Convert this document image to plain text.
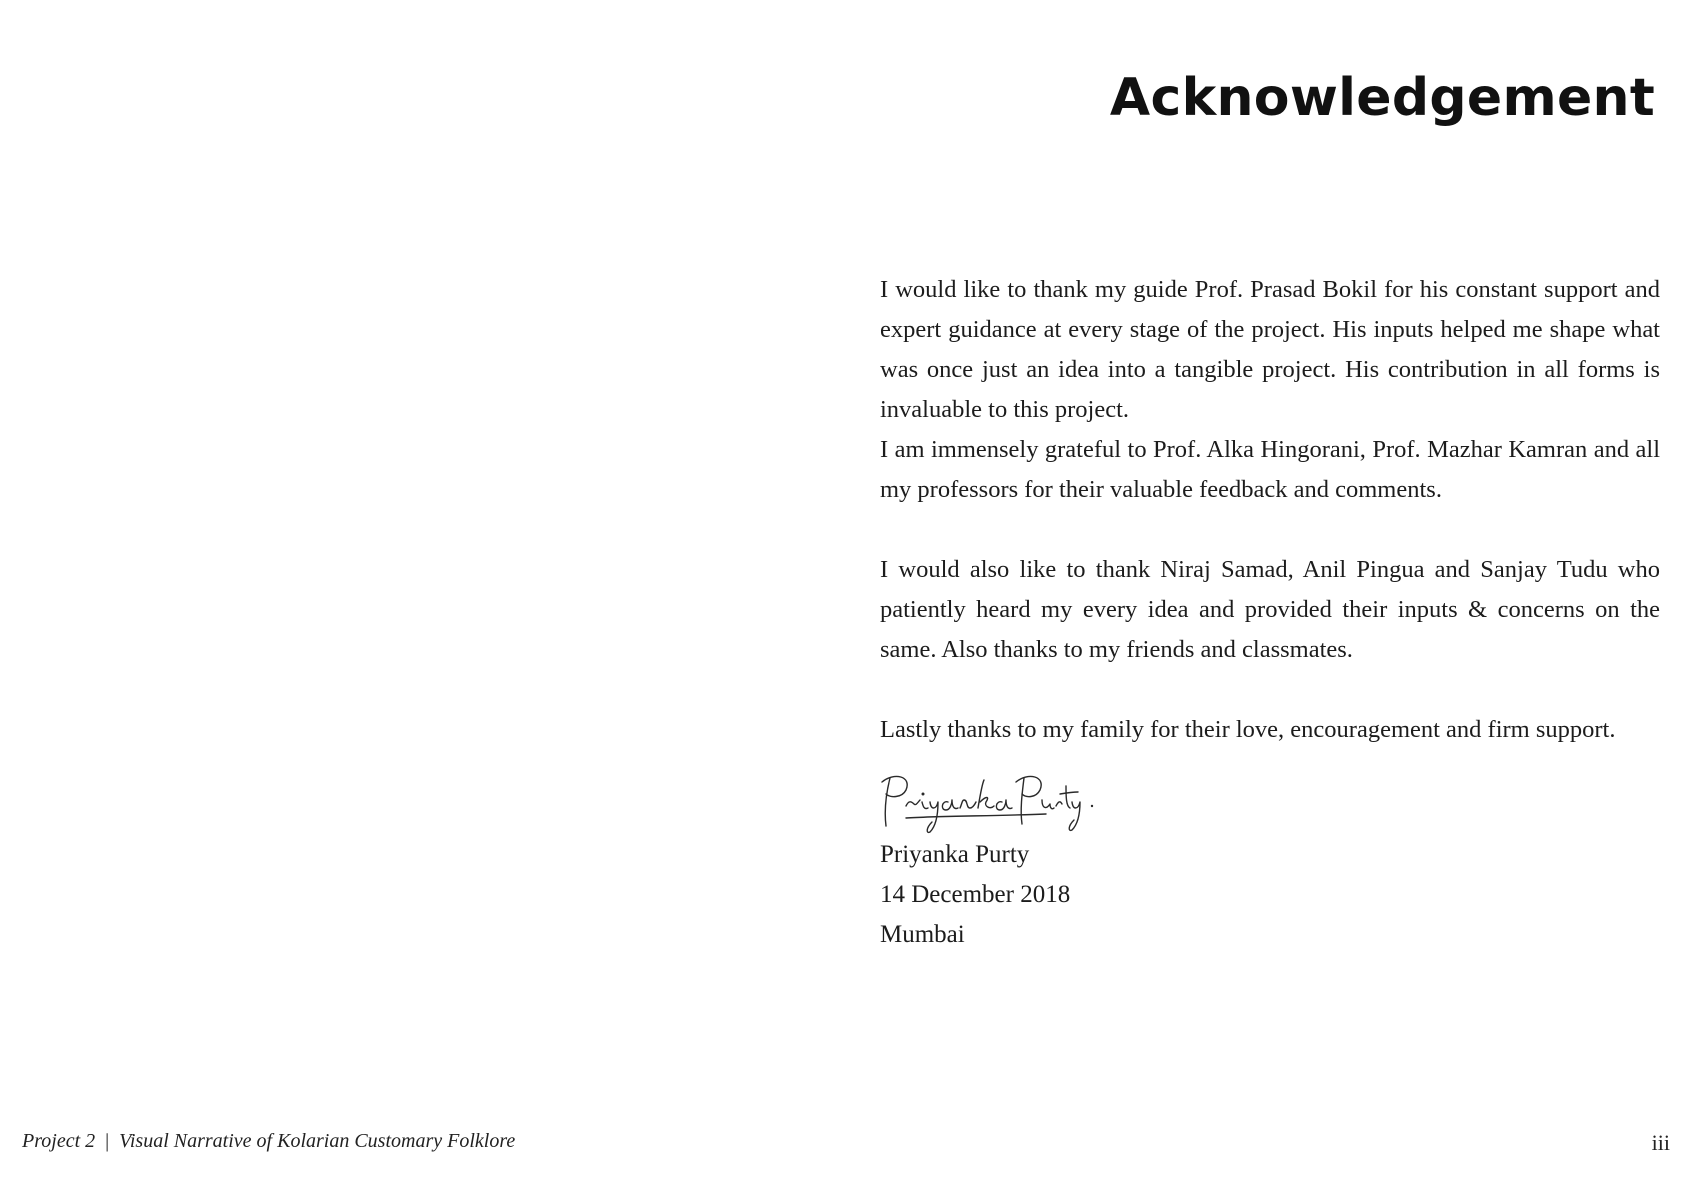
Acknowledgement

I would like to thank my guide Prof. Prasad Bokil for his constant support and expert guidance at every stage of the project. His inputs helped me shape what was once just an idea into a tangible project. His contribution in all forms is invaluable to this project.

I am immensely grateful to Prof. Alka Hingorani, Prof. Mazhar Kamran and all my professors for their valuable feedback and comments.

I would also like to thank Niraj Samad, Anil Pingua and Sanjay Tudu who patiently heard my every idea and provided their inputs & concerns on the same. Also thanks to my friends and classmates.

Lastly thanks to my family for their love, encouragement and firm support.

Priyanka Purty
14 December 2018
Mumbai
Project 2 | Visual Narrative of Kolarian Customary Folklore	iii
